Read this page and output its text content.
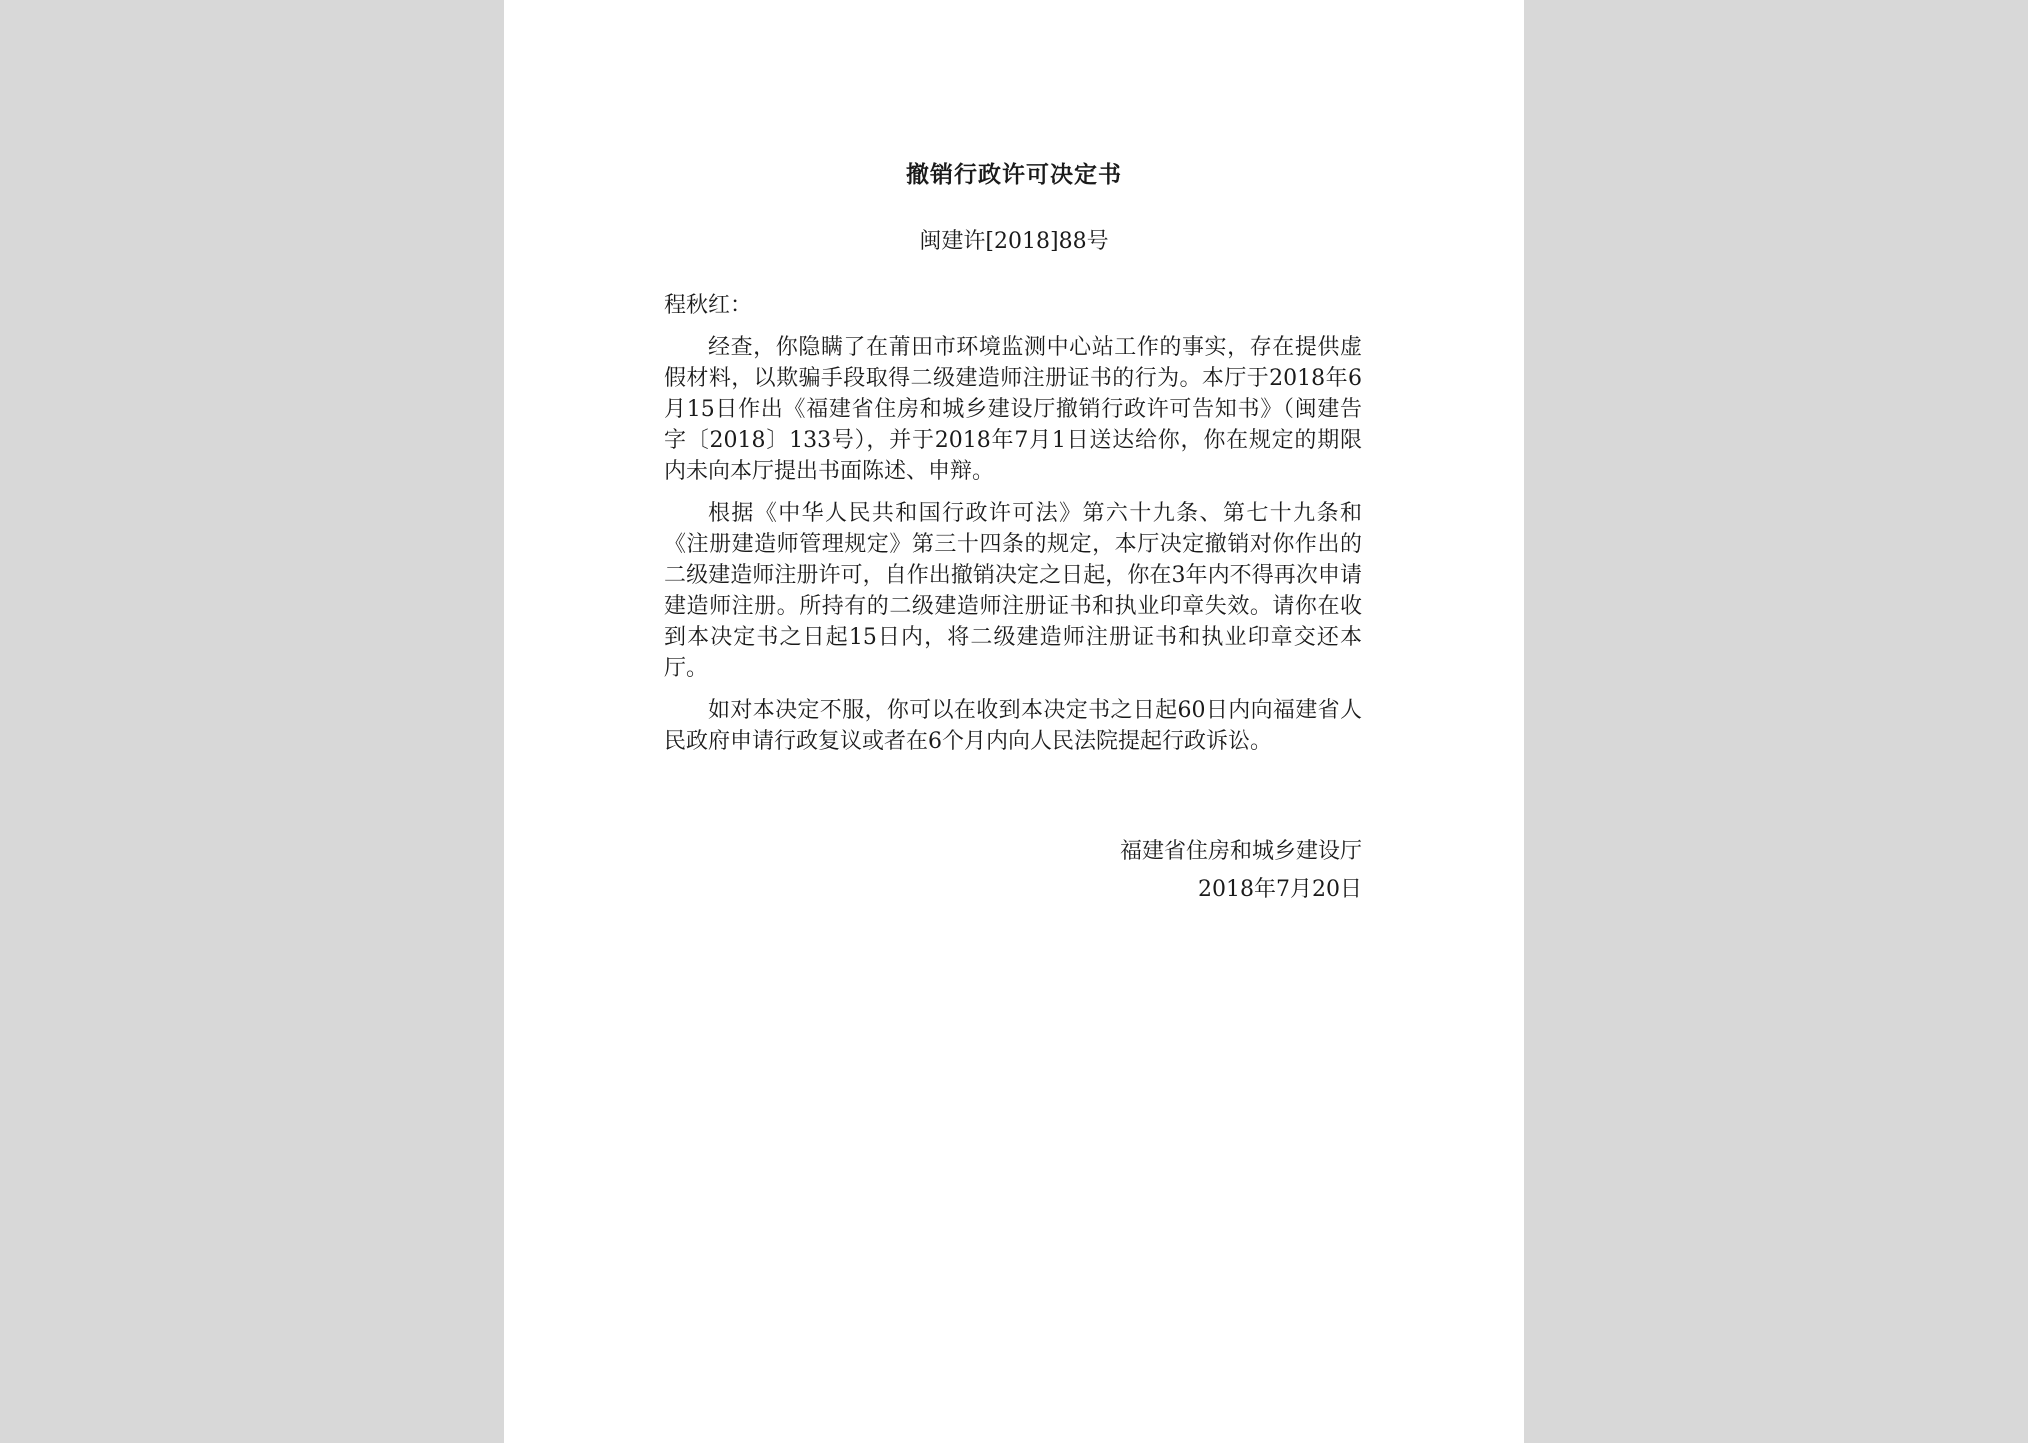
撤销行政许可决定书
闽建许[2018]88号

程秋红：

经查，你隐瞒了在莆田市环境监测中心站工作的事实，存在提供虚假材料，以欺骗手段取得二级建造师注册证书的行为。本厅于2018年6月15日作出《福建省住房和城乡建设厅撤销行政许可告知书》（闽建告字〔2018〕133号），并于2018年7月1日送达给你，你在规定的期限内未向本厅提出书面陈述、申辩。

根据《中华人民共和国行政许可法》第六十九条、第七十九条和《注册建造师管理规定》第三十四条的规定，本厅决定撤销对你作出的二级建造师注册许可，自作出撤销决定之日起，你在3年内不得再次申请建造师注册。所持有的二级建造师注册证书和执业印章失效。请你在收到本决定书之日起15日内，将二级建造师注册证书和执业印章交还本厅。

如对本决定不服，你可以在收到本决定书之日起60日内向福建省人民政府申请行政复议或者在6个月内向人民法院提起行政诉讼。

福建省住房和城乡建设厅
2018年7月20日
